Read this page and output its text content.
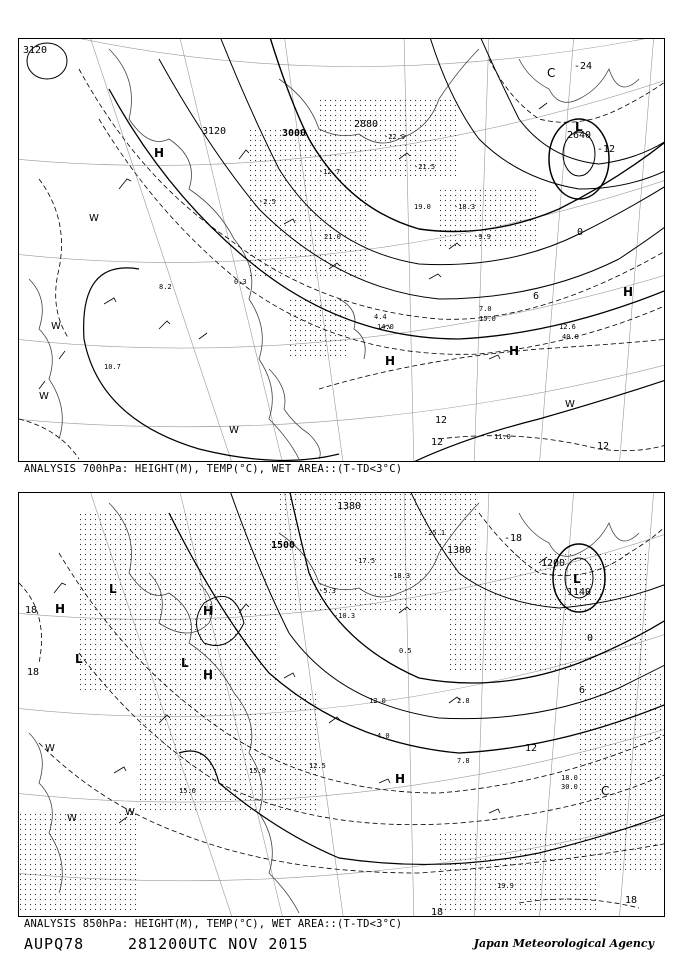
3120
3120	3000
2880
2640
-24
-12
0
6
12
12	12
H
H
H
H
L
C
W
W
W
W
W
-22.9
-21.5
-18.3
-12.7
-9.9
-2.5
0.3
4.4
7.0
8.2
10.7
11.0
12.6
14.0
15.0
19.0
21.0
40.0
ANALYSIS 700hPa: HEIGHT(M), TEMP(°C), WET AREA::(T-TD<3°C)
1500
1380
1380
1200
1140
0
6
12
18
18
18
18
-18
H	H
H
H
L
L	L
L
C
W
W
W
-25.1
-18.3
-17.5
-10.3
-5.3
0.5
2.8
4.0
7.8
12.0
12.5
15.0
15.6
18.0
19.9
30.0
ANALYSIS 850hPa: HEIGHT(M), TEMP(°C), WET AREA::(T-TD<3°C)
AUPQ78	281200UTC NOV 2015	Japan Meteorological Agency
